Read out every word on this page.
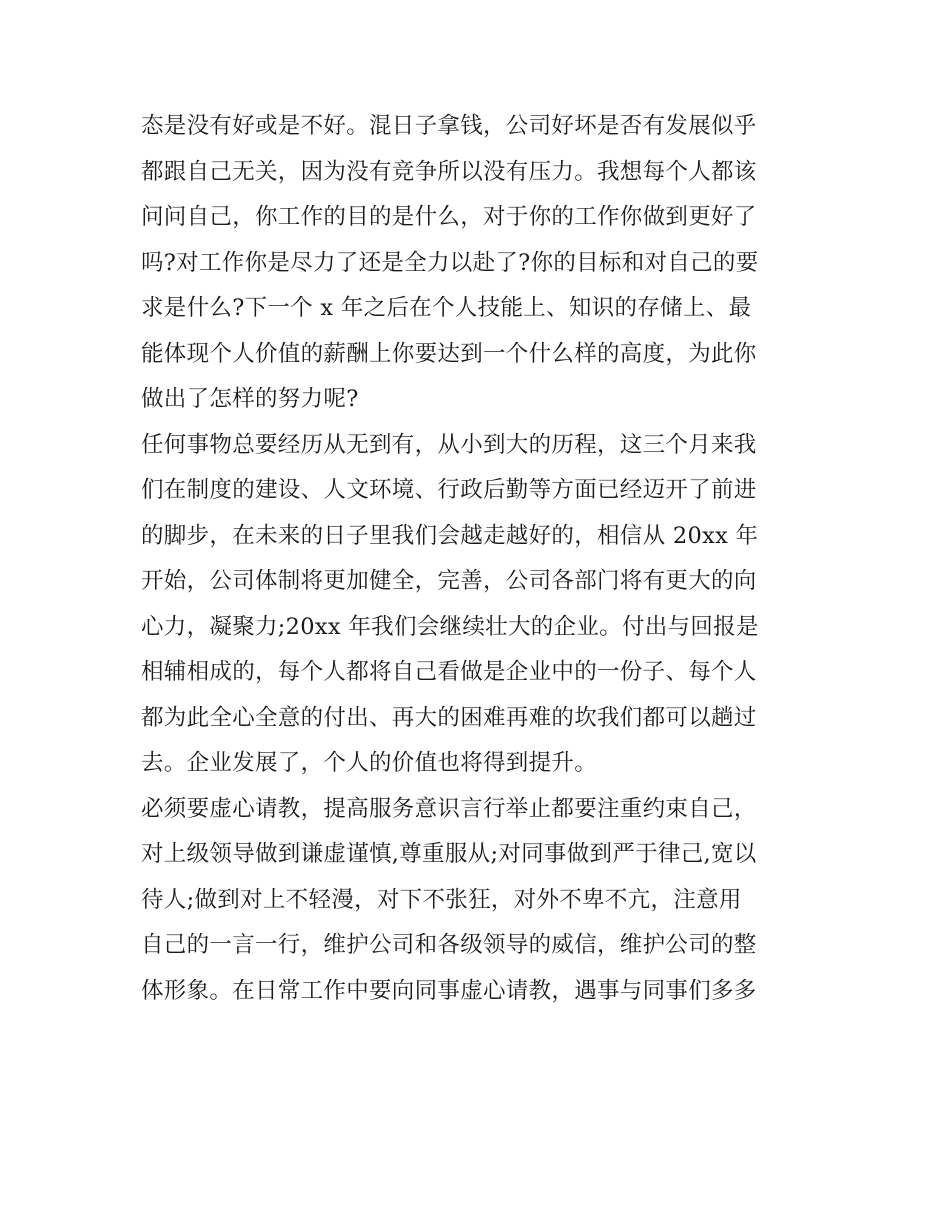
态是没有好或是不好。混日子拿钱，公司好坏是否有发展似乎
都跟自己无关，因为没有竞争所以没有压力。我想每个人都该
问问自己，你工作的目的是什么，对于你的工作你做到更好了
吗?对工作你是尽力了还是全力以赴了?你的目标和对自己的要
求是什么?下一个 x 年之后在个人技能上、知识的存储上、最
能体现个人价值的薪酬上你要达到一个什么样的高度，为此你
做出了怎样的努力呢?
任何事物总要经历从无到有，从小到大的历程，这三个月来我
们在制度的建设、人文环境、行政后勤等方面已经迈开了前进
的脚步，在未来的日子里我们会越走越好的，相信从 20xx 年
开始，公司体制将更加健全，完善，公司各部门将有更大的向
心力，凝聚力;20xx 年我们会继续壮大的企业。付出与回报是
相辅相成的，每个人都将自己看做是企业中的一份子、每个人
都为此全心全意的付出、再大的困难再难的坎我们都可以趟过
去。企业发展了，个人的价值也将得到提升。
必须要虚心请教，提高服务意识言行举止都要注重约束自己，
对上级领导做到谦虚谨慎,尊重服从;对同事做到严于律己,宽以
待人;做到对上不轻漫，对下不张狂，对外不卑不亢，注意用
自己的一言一行，维护公司和各级领导的威信，维护公司的整
体形象。在日常工作中要向同事虚心请教，遇事与同事们多多
